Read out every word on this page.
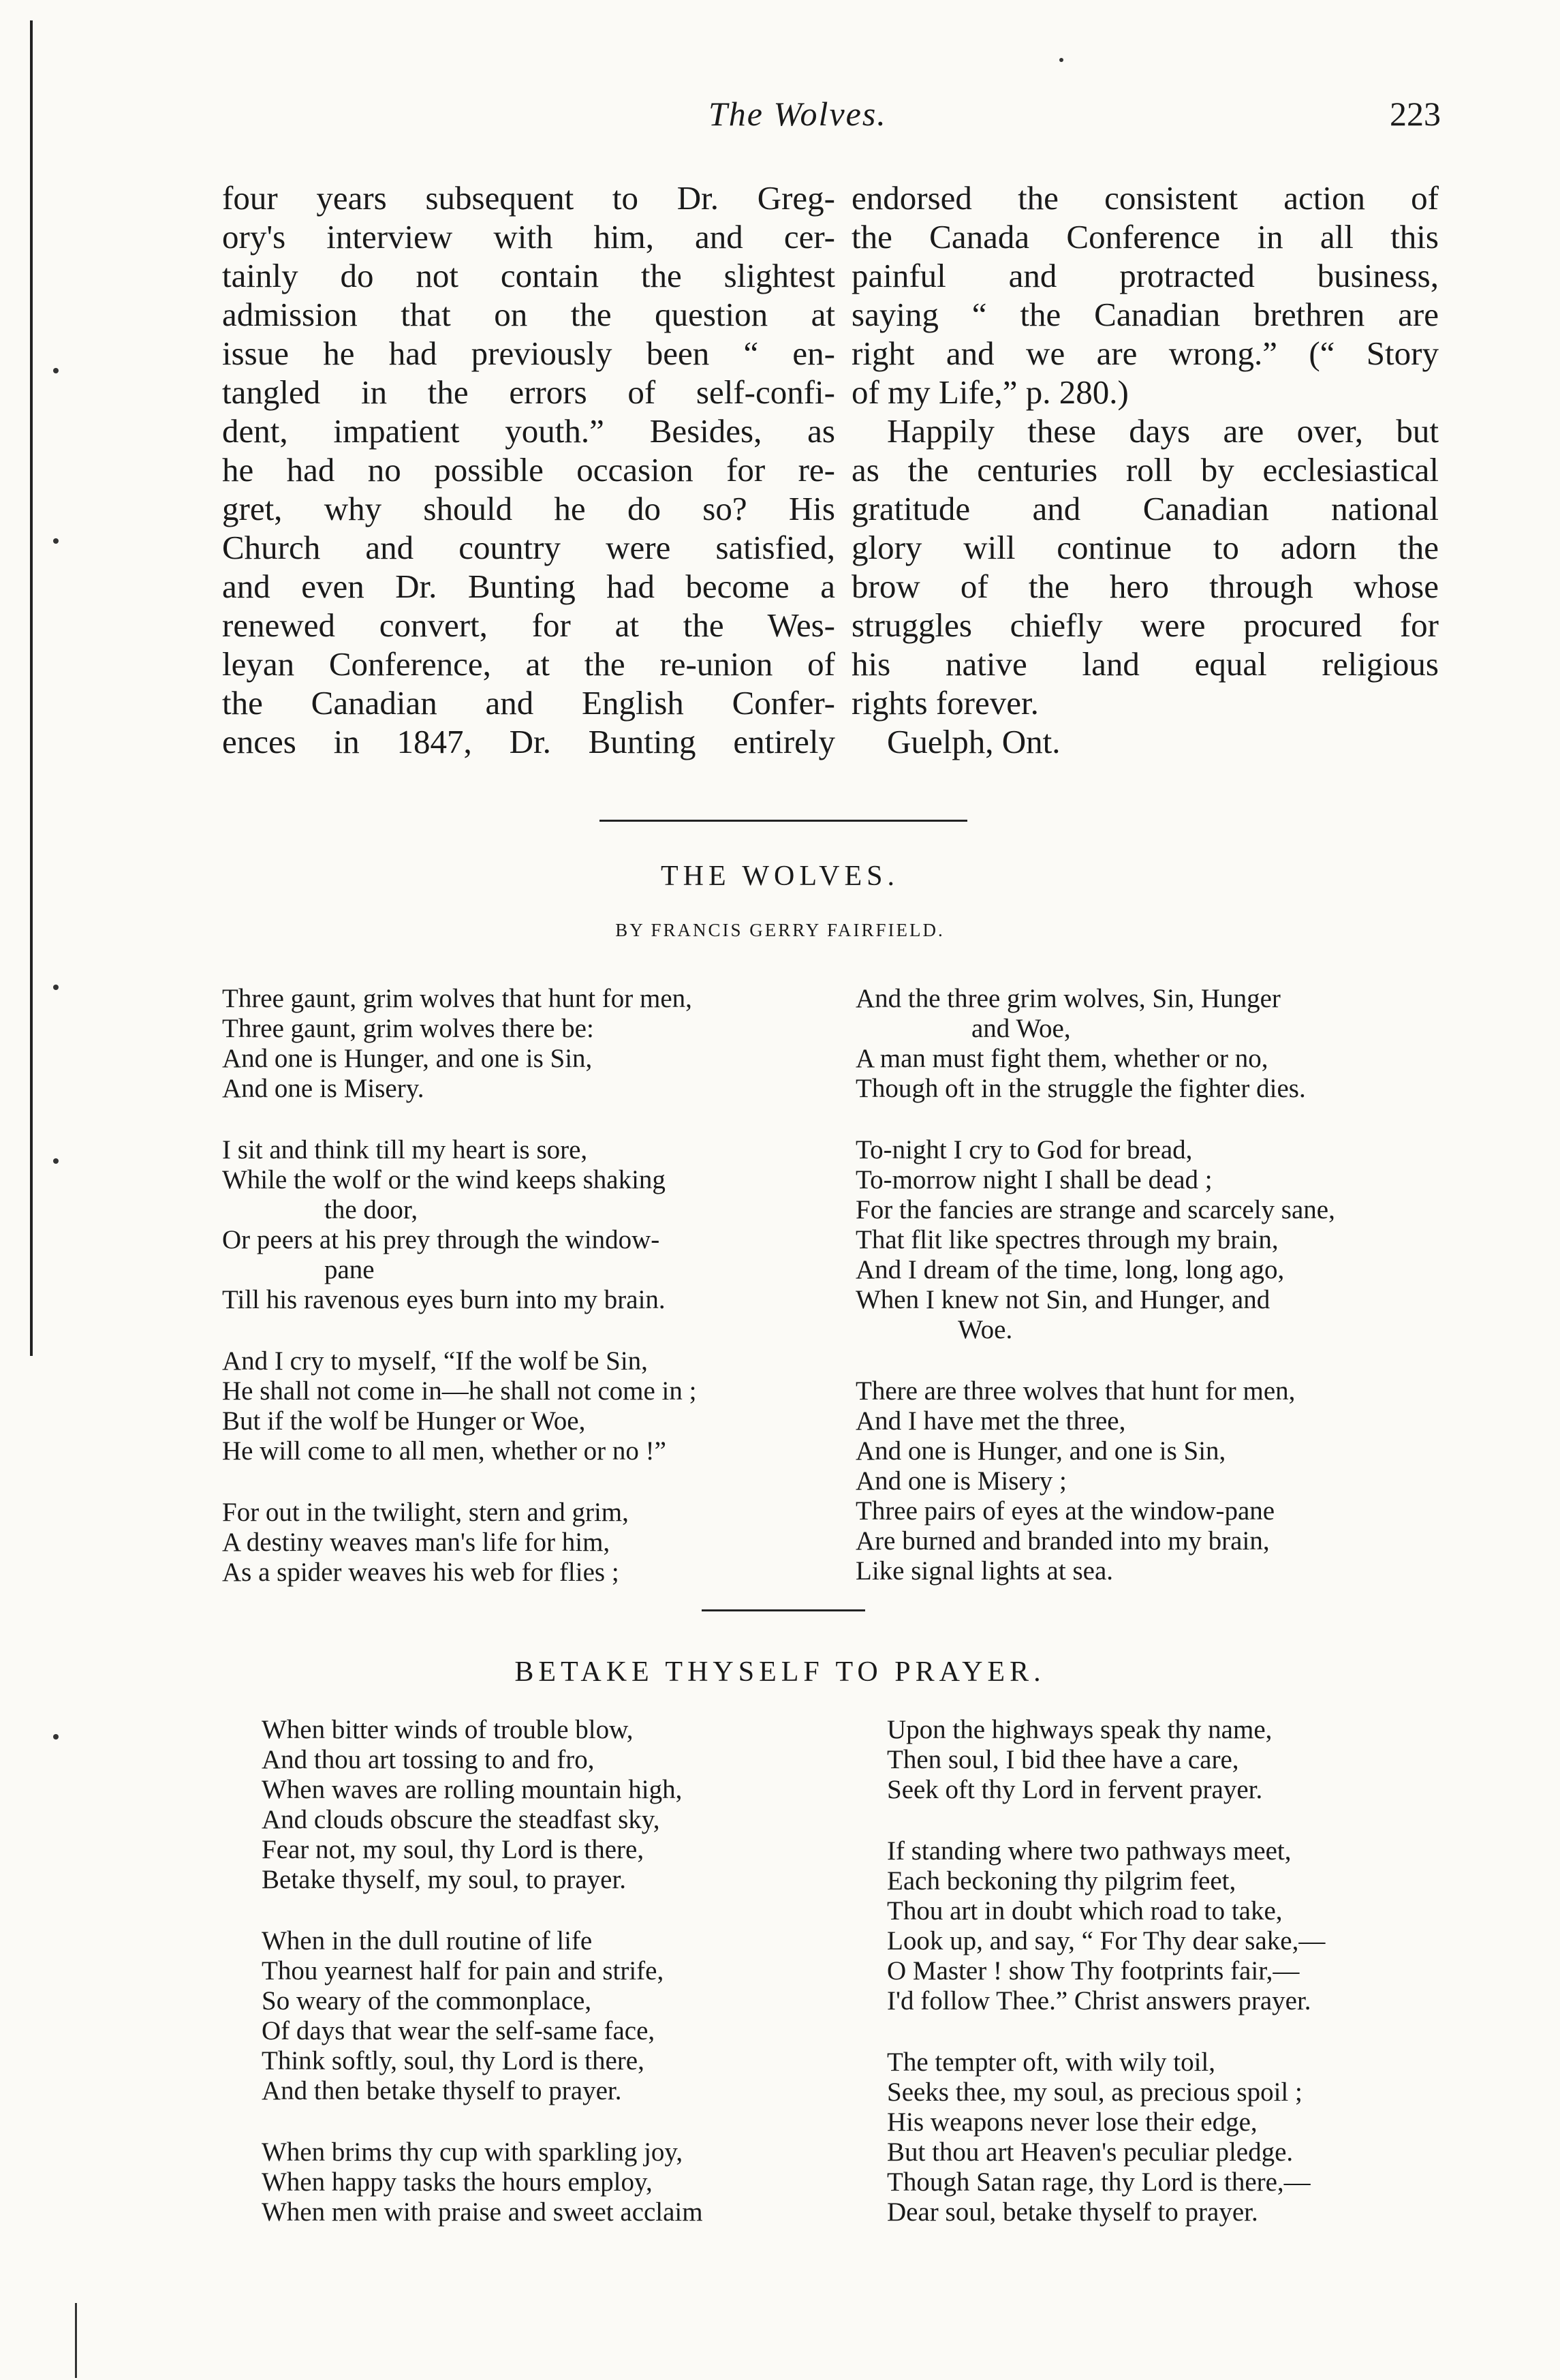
The Wolves.	223
four years subsequent to Dr. Greg-
ory's interview with him, and cer-
tainly do not contain the slightest
admission that on the question at
issue he had previously been “ en-
tangled in the errors of self-confi-
dent, impatient youth.” Besides, as
he had no possible occasion for re-
gret, why should he do so? His
Church and country were satisfied,
and even Dr. Bunting had become a
renewed convert, for at the Wes-
leyan Conference, at the re-union of
the Canadian and English Confer-
ences in 1847, Dr. Bunting entirely
endorsed the consistent action of
the Canada Conference in all this
painful and protracted business,
saying “ the Canadian brethren are
right and we are wrong.” (“ Story
of my Life,” p. 280.)
Happily these days are over, but
as the centuries roll by ecclesiastical
gratitude and Canadian national
glory will continue to adorn the
brow of the hero through whose
struggles chiefly were procured for
his native land equal religious
rights forever.
Guelph, Ont.
THE WOLVES.
BY FRANCIS GERRY FAIRFIELD.
Three gaunt, grim wolves that hunt for men,
Three gaunt, grim wolves there be:
And one is Hunger, and one is Sin,
And one is Misery.
I sit and think till my heart is sore,
While the wolf or the wind keeps shaking
the door,
Or peers at his prey through the window-
pane
Till his ravenous eyes burn into my brain.
And I cry to myself, “If the wolf be Sin,
He shall not come in—he shall not come in ;
But if the wolf be Hunger or Woe,
He will come to all men, whether or no !”
For out in the twilight, stern and grim,
A destiny weaves man's life for him,
As a spider weaves his web for flies ;
And the three grim wolves, Sin, Hunger
and Woe,
A man must fight them, whether or no,
Though oft in the struggle the fighter dies.
To-night I cry to God for bread,
To-morrow night I shall be dead ;
For the fancies are strange and scarcely sane,
That flit like spectres through my brain,
And I dream of the time, long, long ago,
When I knew not Sin, and Hunger, and
Woe.
There are three wolves that hunt for men,
And I have met the three,
And one is Hunger, and one is Sin,
And one is Misery ;
Three pairs of eyes at the window-pane
Are burned and branded into my brain,
Like signal lights at sea.
BETAKE THYSELF TO PRAYER.
When bitter winds of trouble blow,
And thou art tossing to and fro,
When waves are rolling mountain high,
And clouds obscure the steadfast sky,
Fear not, my soul, thy Lord is there,
Betake thyself, my soul, to prayer.
When in the dull routine of life
Thou yearnest half for pain and strife,
So weary of the commonplace,
Of days that wear the self-same face,
Think softly, soul, thy Lord is there,
And then betake thyself to prayer.
When brims thy cup with sparkling joy,
When happy tasks the hours employ,
When men with praise and sweet acclaim
Upon the highways speak thy name,
Then soul, I bid thee have a care,
Seek oft thy Lord in fervent prayer.
If standing where two pathways meet,
Each beckoning thy pilgrim feet,
Thou art in doubt which road to take,
Look up, and say, “ For Thy dear sake,—
O Master ! show Thy footprints fair,—
I'd follow Thee.” Christ answers prayer.
The tempter oft, with wily toil,
Seeks thee, my soul, as precious spoil ;
His weapons never lose their edge,
But thou art Heaven's peculiar pledge.
Though Satan rage, thy Lord is there,—
Dear soul, betake thyself to prayer.
